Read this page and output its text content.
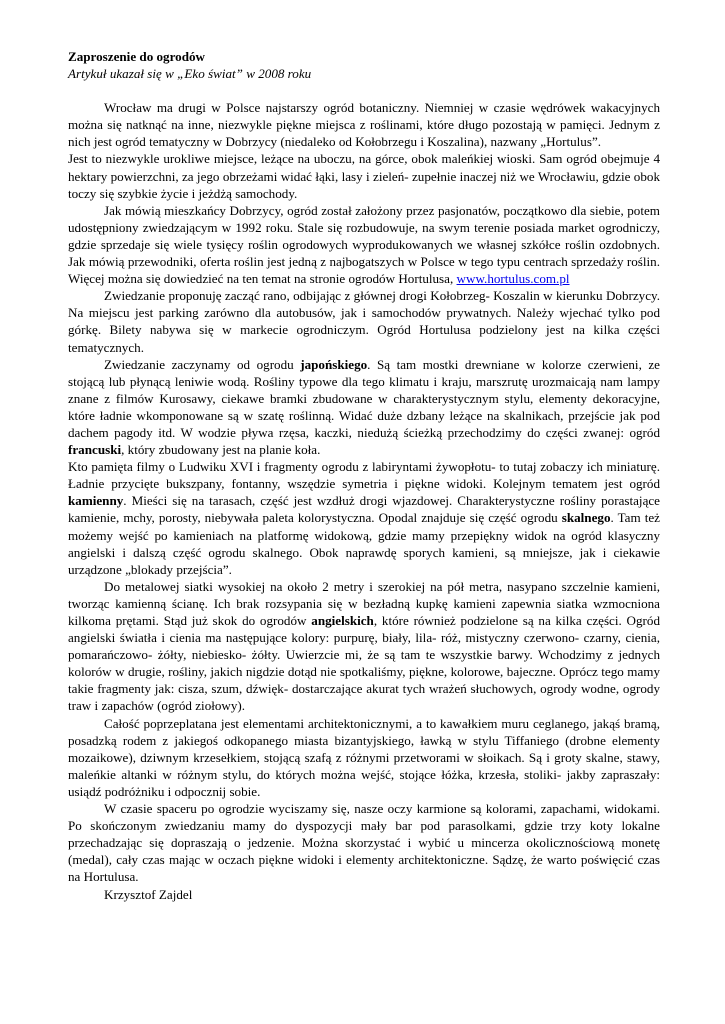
Zaproszenie do ogrodów
Artykuł ukazał się w „Eko świat” w 2008 roku

Wrocław ma drugi w Polsce najstarszy ogród botaniczny. Niemniej w czasie wędrówek wakacyjnych można się natknąć na inne, niezwykle piękne miejsca z roślinami, które długo pozostają w pamięci. Jednym z nich jest ogród tematyczny w Dobrzycy (niedaleko od Kołobrzegu i Koszalina), nazwany „Hortulus”.

Jest to niezwykle urokliwe miejsce, leżące na uboczu, na górce, obok maleńkiej wioski. Sam ogród obejmuje 4 hektary powierzchni, za jego obrzeżami widać łąki, lasy i zieleń- zupełnie inaczej niż we Wrocławiu, gdzie obok toczy się szybkie życie i jeżdżą samochody.

Jak mówią mieszkańcy Dobrzycy, ogród został założony przez pasjonatów, początkowo dla siebie, potem udostępniony zwiedzającym w 1992 roku. Stale się rozbudowuje, na swym terenie posiada market ogrodniczy, gdzie sprzedaje się wiele tysięcy roślin ogrodowych wyprodukowanych we własnej szkółce roślin ozdobnych. Jak mówią przewodniki, oferta roślin jest jedną z najbogatszych w Polsce w tego typu centrach sprzedaży roślin. Więcej można się dowiedzieć na ten temat na stronie ogrodów Hortulusa, www.hortulus.com.pl

Zwiedzanie proponuję zacząć rano, odbijając z głównej drogi Kołobrzeg- Koszalin w kierunku Dobrzycy. Na miejscu jest parking zarówno dla autobusów, jak i samochodów prywatnych. Należy wjechać tylko pod górkę. Bilety nabywa się w markecie ogrodniczym. Ogród Hortulusa podzielony jest na kilka części tematycznych.

Zwiedzanie zaczynamy od ogrodu japońskiego. Są tam mostki drewniane w kolorze czerwieni, ze stojącą lub płynącą leniwie wodą. Rośliny typowe dla tego klimatu i kraju, marszrutę urozmaicają nam lampy znane z filmów Kurosawy, ciekawe bramki zbudowane w charakterystycznym stylu, elementy dekoracyjne, które ładnie wkomponowane są w szatę roślinną. Widać duże dzbany leżące na skalnikach, przejście jak pod dachem pagody itd. W wodzie pływa rzęsa, kaczki, niedużą ścieżką przechodzimy do części zwanej: ogród francuski, który zbudowany jest na planie koła.

Kto pamięta filmy o Ludwiku XVI i fragmenty ogrodu z labiryntami żywopłotu- to tutaj zobaczy ich miniaturę. Ładnie przycięte bukszpany, fontanny, wszędzie symetria i piękne widoki. Kolejnym tematem jest ogród kamienny. Mieści się na tarasach, część jest wzdłuż drogi wjazdowej. Charakterystyczne rośliny porastające kamienie, mchy, porosty, niebywała paleta kolorystyczna. Opodal znajduje się część ogrodu skalnego. Tam też możemy wejść po kamieniach na platformę widokową, gdzie mamy przepiękny widok na ogród klasyczny angielski i dalszą część ogrodu skalnego. Obok naprawdę sporych kamieni, są mniejsze, jak i ciekawie urządzone „blokady przejścia”.

Do metalowej siatki wysokiej na około 2 metry i szerokiej na pół metra, nasypano szczelnie kamieni, tworząc kamienną ścianę. Ich brak rozsypania się w bezładną kupkę kamieni zapewnia siatka wzmocniona kilkoma prętami. Stąd już skok do ogrodów angielskich, które również podzielone są na kilka części. Ogród angielski światła i cienia ma następujące kolory: purpurę, biały, lila- róż, mistyczny czerwono- czarny, cienia, pomarańczowo- żółty, niebiesko- żółty. Uwierzcie mi, że są tam te wszystkie barwy. Wchodzimy z jednych kolorów w drugie, rośliny, jakich nigdzie dotąd nie spotkaliśmy, piękne, kolorowe, bajeczne. Oprócz tego mamy takie fragmenty jak: cisza, szum, dźwięk- dostarczające akurat tych wrażeń słuchowych, ogrody wodne, ogrody traw i zapachów (ogród ziołowy).

Całość poprzeplatana jest elementami architektonicznymi, a to kawałkiem muru ceglanego, jakąś bramą, posadzką rodem z jakiegoś odkopanego miasta bizantyjskiego, ławką w stylu Tiffaniego (drobne elementy mozaikowe), dziwnym krzesełkiem, stojącą szafą z różnymi przetworami w słoikach. Są i groty skalne, stawy, maleńkie altanki w różnym stylu, do których można wejść, stojące łóżka, krzesła, stoliki- jakby zapraszały: usiądź podróżniku i odpocznij sobie.

W czasie spaceru po ogrodzie wyciszamy się, nasze oczy karmione są kolorami, zapachami, widokami. Po skończonym zwiedzaniu mamy do dyspozycji mały bar pod parasolkami, gdzie trzy koty lokalne przechadzając się dopraszają o jedzenie. Można skorzystać i wybić u mincerza okolicznościową monetę (medal), cały czas mając w oczach piękne widoki i elementy architektoniczne. Sądzę, że warto poświęcić czas na Hortulusa.

Krzysztof Zajdel
